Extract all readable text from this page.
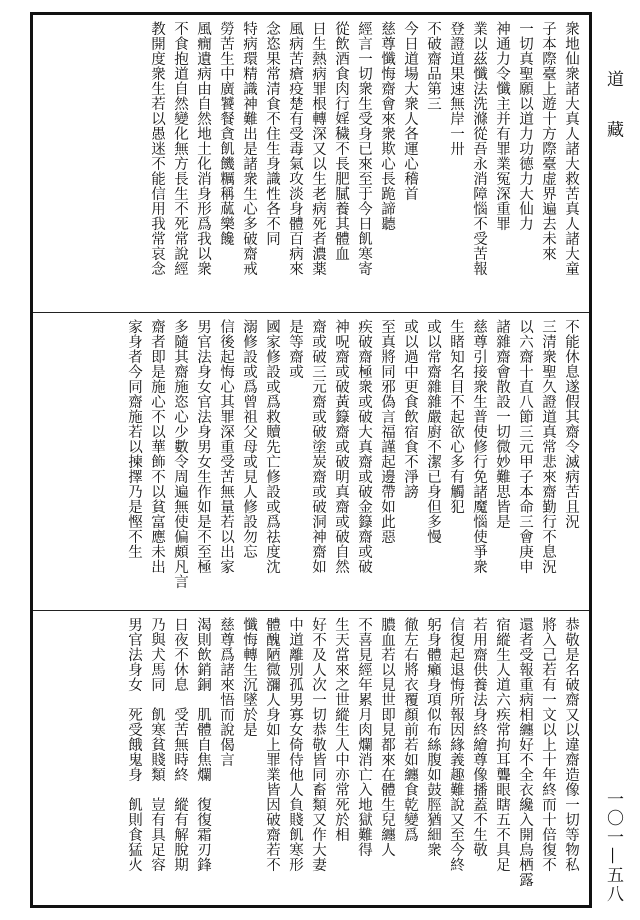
衆地仙衆諸大真人諸大救苦真人諸大童
子本際臺上遊十方際臺虚界遍去未來
一切真聖願以道力功德力大仙力
神通力令懺主并有罪業冤深重罪
業以茲懺法洗滌從吾永消障惱不受苦報
登證道果速無岸一卅
不破齋品第三
今日道場大衆人各運心稽首
慈尊懺悔齋會來衆欺心長跪諦聽
經言一切衆生受身已來至于今日飢寒寄
從飲酒食肉行婬穢不長肥膩養其體血
日生熱病罪根轉深又以生老病死者濃薬
風病苦瘡疫楚有受毒氣攻淡身體百病來
念恣果常清食不住生身識性各不同
特病環精識神難出是諸衆生心多破齋戒
勞苦生中廣饕餐貪飢饑糲稱蓏樂饞
風癇遺病由自然地土化消身形爲我以衆
不食抱道自然變化無方長生不死常說經
教開度衆生若以愚迷不能信用我常哀念
不能休息遂假其齋令滅病苦且況
三清衆聖久證道真常悲來齋勤行不息況
以六齋十直八節三元甲子本命三會庚申
諸雜齋會散設一切微妙難思皆是
慈尊引接衆生普使修行免諸魔惱使爭衆
生睹知名目不起欲心多有觸犯
或以常齋雜雜嚴廚不潔已身但多慢
或以過中更食飲宿食不淨謗
至真將同邪偽言福謹起邊帶如此惡
疾破齋極衆或破大真齋或破金籙齋或破
神呪齋或破黃籙齋或破明真齋或破自然
齋或破三元齋或破塗炭齋或破洞神齋如
是等齋或
國家修設或爲救贖先亡修設或爲祛度沈
溺修設或爲曾祖父母或見人修設勿忘
信後起悔心其罪深重受苦無量若以出家
男官法身女官法身男女生作如是不至極
多隨其齋施恣心少數令周遍無使偏頗凡言
齋者即是施心不以華飾不以貧富應未出
家身者今同齋施若以揀擇乃是慳不生
恭敬是名破齋又以違齋造像一切等物私
將入己若有一文以上十年終而十倍復不
還者受報重病相纏好不全衣纔入開鳥栖露
宿縱生人道六疾常拘耳聾眼瞎五不具足
若用齋供養法身終繪尊像播蓋不生敬
信復起退悔所報因緣義趣難說又至今終
躬身體癩身項似布絲腹如鼓脛猶細衆
徹左右將衣覆顏前若如纏食乾變爲
膿血若以見世即見都來在體生兒纏人
不喜見經年累月肉爛消亡入地獄難得
生天當來之世縱生人中亦常死於相
好不及人次一切恭敬皆同畜類又作大妻
中道離別孤男寡女倚侍他人負賤飢寒形
體醜陋微瀰人身如上罪業皆因破齋若不
懺悔轉生沉墜於是
慈尊爲諸來悟而說偈言
渴則飲銷銅　肌體自焦爛　復復霜刃鋒
日夜不休息　受苦無時終　縱有解脫期
乃與犬馬同　飢寒貧賤類　豈有具足容
男官法身女　死受餓鬼身　飢則食猛火
道 藏
一〇一—五八
